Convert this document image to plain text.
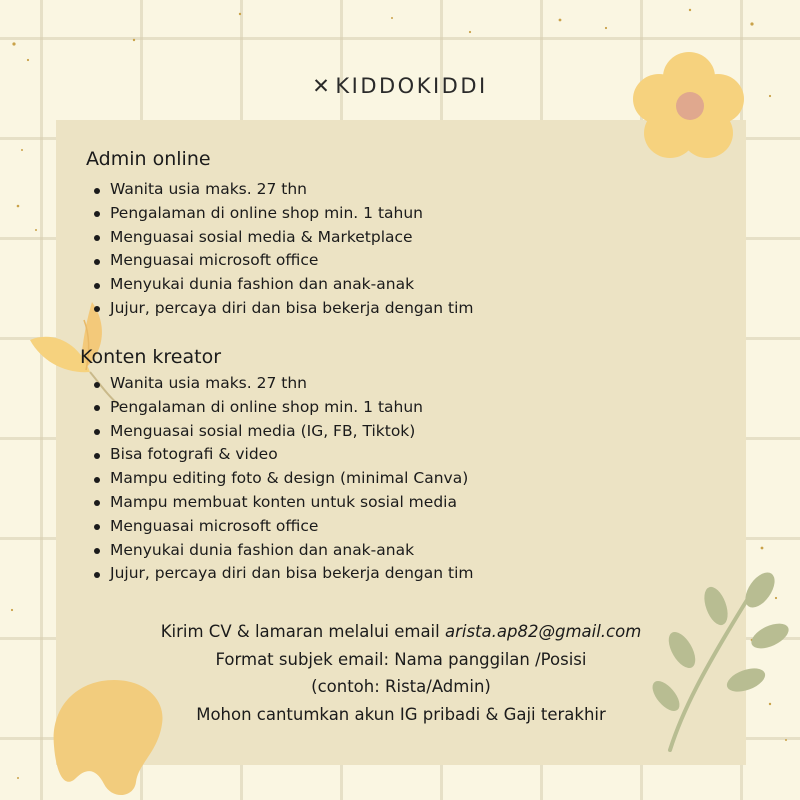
✕ KIDDOKIDDI
Admin online
Wanita usia maks. 27 thn
Pengalaman di online shop min. 1 tahun
Menguasai sosial media & Marketplace
Menguasai microsoft office
Menyukai dunia fashion dan anak-anak
Jujur, percaya diri dan bisa bekerja dengan tim
Konten kreator
Wanita usia maks. 27 thn
Pengalaman di online shop min. 1 tahun
Menguasai sosial media (IG, FB, Tiktok)
Bisa fotografi & video
Mampu editing foto & design (minimal Canva)
Mampu membuat konten untuk sosial media
Menguasai microsoft office
Menyukai dunia fashion dan anak-anak
Jujur, percaya diri dan bisa bekerja dengan tim
Kirim CV & lamaran melalui email arista.ap82@gmail.com
Format subjek email: Nama panggilan /Posisi
(contoh: Rista/Admin)
Mohon cantumkan akun IG pribadi & Gaji terakhir
